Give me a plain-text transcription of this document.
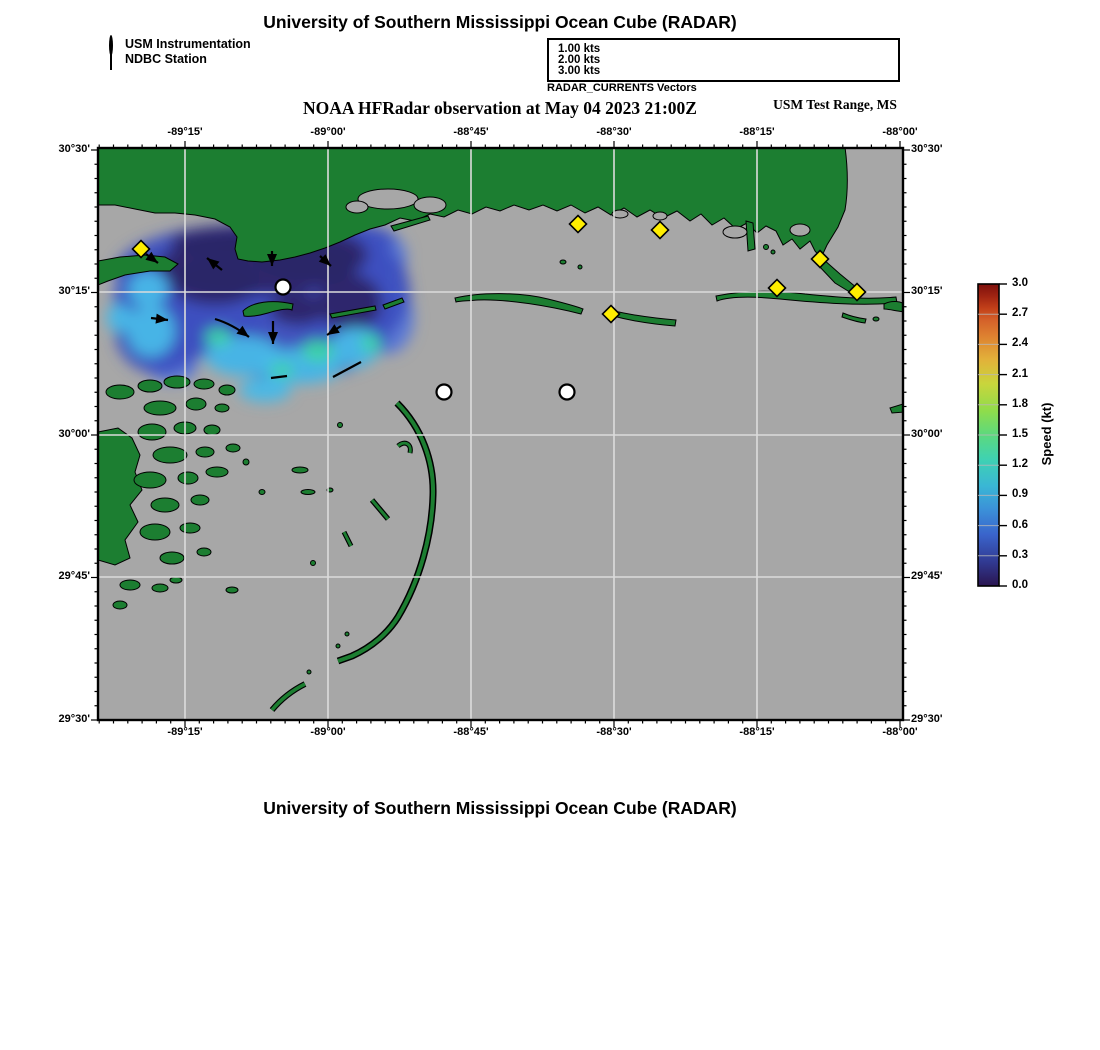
University of Southern Mississippi Ocean Cube (RADAR)
USM Instrumentation
NDBC Station
1.00 kts
2.00 kts
3.00 kts
RADAR_CURRENTS Vectors
NOAA HFRadar observation at May 04 2023 21:00Z	USM Test Range, MS
-89°15'
-89°15'
-89°00'
-89°00'
-88°45'
-88°45'
-88°30'
-88°30'
-88°15'
-88°15'
-88°00'
-88°00'
30°30'	30°30'
30°15'	30°15'
30°00'	30°00'
29°45'	29°45'
29°30'	29°30'
0.0
0.3
0.6
0.9
1.2
1.5
1.8
2.1
2.4
2.7
3.0
Speed (kt)
University of Southern Mississippi Ocean Cube (RADAR)
